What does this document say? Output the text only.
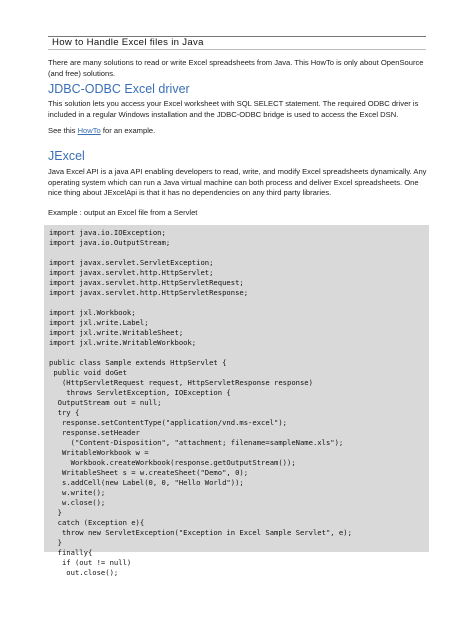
How to Handle Excel files in Java

There are many solutions to read or write Excel spreadsheets from Java. This HowTo is only about OpenSource (and free) solutions.

JDBC-ODBC Excel driver

This solution lets you access your Excel worksheet with SQL SELECT statement. The required ODBC driver is included in a regular Windows installation and the JDBC-ODBC bridge is used to access the Excel DSN.

See this HowTo for an example.

JExcel

Java Excel API is a java API enabling developers to read, write, and modify Excel spreadsheets dynamically. Any operating system which can run a Java virtual machine can both process and deliver Excel spreadsheets. One nice thing about JExcelApi is that it has no dependencies on any third party libraries.

Example : output an Excel file from a Servlet

import java.io.IOException;
import java.io.OutputStream;
import javax.servlet.ServletException;
import javax.servlet.http.HttpServlet;
import javax.servlet.http.HttpServletRequest;
import javax.servlet.http.HttpServletResponse;
import jxl.Workbook;
import jxl.write.Label;
import jxl.write.WritableSheet;
import jxl.write.WritableWorkbook;
public class Sample extends HttpServlet {
public void doGet
(HttpServletRequest request, HttpServletResponse response)
throws ServletException, IOException {
OutputStream out = null;
try {
response.setContentType("application/vnd.ms-excel");
response.setHeader
("Content-Disposition", "attachment; filename=sampleName.xls");
WritableWorkbook w =
Workbook.createWorkbook(response.getOutputStream());
WritableSheet s = w.createSheet("Demo", 0);
s.addCell(new Label(0, 0, "Hello World"));
w.write();
w.close();
}
catch (Exception e){
throw new ServletException("Exception in Excel Sample Servlet", e);
}
finally{
if (out != null)
out.close();
